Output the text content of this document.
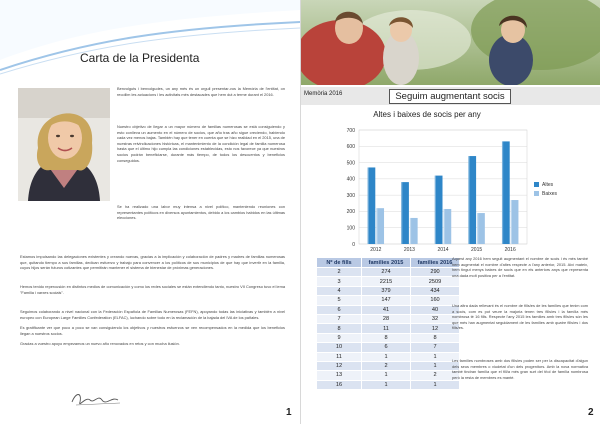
Carta de la Presidenta

Benvolguts i benvolgudes, un any més és un orgull presentar-vos la Memòria de l'entitat, on recollim les actuacions i les activitats més destacades que hem dut a terme durant el 2016.

Nuestro objetivo de llegar a un mayor número de familias numerosas se está consiguiendo y esto conlleva un aumento en el número de socios, que año tras año sigue creciendo, habiendo cada vez menos bajas. También hay que tener en cuenta que se hizo realidad en el 2015, una de nuestras reivindicaciones históricas, el mantenimiento de la condición legal de familia numerosa hasta que el último hijo cumpla las condiciones establecidas, esto nos favorece ya que nuestros socios podrán beneficiarse, durante más tiempo, de todos los descuentos y beneficios conseguidos.

Se ha realizado una labor muy intensa a nivel político, manteniendo reuniones con representantes políticos en diversos ayuntamientos, debido a los cambios habidos en las últimas elecciones.

Estamos impulsando las delegaciones existentes y creando nuevas, gracias a la implicación y colaboración de padres y madres de familias numerosas que, quitando tiempo a sus familias, dedican esfuerzo y trabajo para convencer a los políticos de sus municipios de que hay que invertir en la familia, cuyos hijos serán futuros cotizantes que permitirán mantener el sistema de bienestar de próximas generaciones.

Hemos tenido repercusión en distintos medios de comunicación y como los redes sociales se están extendiendo tanto, nuestro VII Congreso tuvo el lema "Familia i xarxes socials".

Seguimos colaborando a nivel nacional con la Federación Española de Familias Numerosas (FEFN), apoyando todas las iniciativas y también a nivel europeo con European Large Families Confederation (ELFAC), luchando sobre todo en la reclamación de la bajada del IVA de los pañales.

Es gratificante ver que poco a poco se van consiguiendo los objetivos y nuestros esfuerzos se ven recompensados en la medida que los beneficios llegan a nuestros socios.

Gracias a vuestro apoyo empezamos un nuevo año renovados en retos y con mucha ilusión.

1
Memòria 2016	Seguim augmentant socis
Altes i baixes de socis per any
0
100
200
300
400
500
600
700
2012	2013	2014	2015	2016
Altes
Baixes
Nº de fills	families 2015	families 2016
2	274	290
3	2215	2509
4	379	434
5	147	160
6	41	40
7	28	32
8	11	12
9	8	8
10	6	7
11	1	1
12	2	1
13	1	2
16	1	1

Aquest any 2016 hem seguit augmentant el nombre de socis i és més també hem augmentat el nombre d'altes respecte a l'any anterior, 2015. Així mateix, hem tingut menys baixes de socis que en els anteriors anys que representa una dada molt positiva per a l'entitat.

Una altra dada rellevant és el nombre de fills/es de les famílies que tenim com a socis, com es pot veure la majoria tenen tres fills/es i la família més nombrosa té 16 fills. Respecte l'any 2015 les famílies amb tres fills/es són les que més han augmentat seguidament de les famílies amb quatre fills/es i dos fills/es.

Les famílies nombroses amb dos fills/es poden ser per la discapacitat d'algun dels seus membres o viudetat d'un dels progenitors. Amb la nova normativa també tindran família que el fill/a més gran surt del títol de família nombrosa però la resta de membres es manté.

2
